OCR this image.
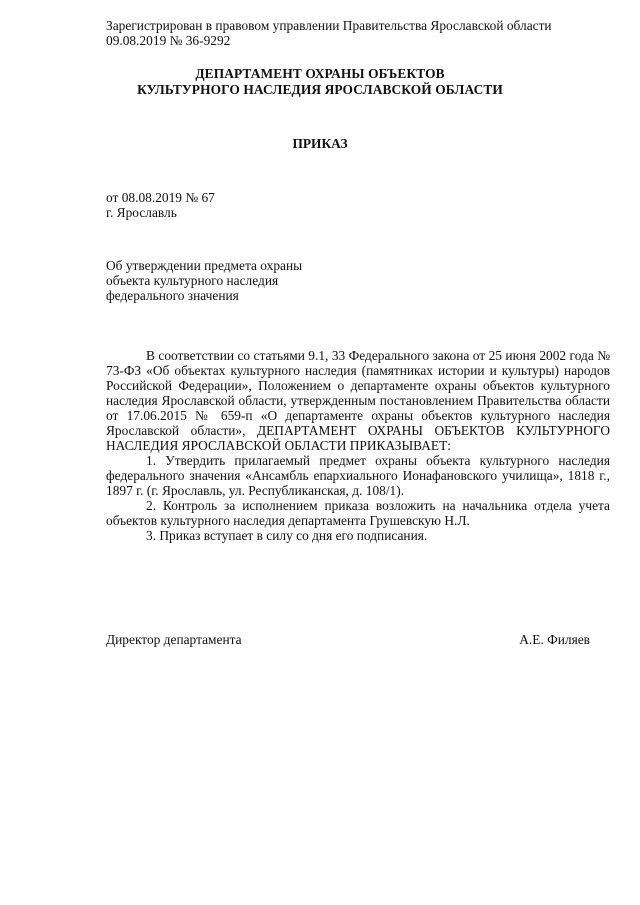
Зарегистрирован в правовом управлении Правительства Ярославской области
09.08.2019 № 36-9292
ДЕПАРТАМЕНТ ОХРАНЫ ОБЪЕКТОВ
КУЛЬТУРНОГО НАСЛЕДИЯ ЯРОСЛАВСКОЙ ОБЛАСТИ
ПРИКАЗ
от 08.08.2019 № 67
г. Ярославль
Об утверждении предмета охраны
объекта культурного наследия
федерального значения

В соответствии со статьями 9.1, 33 Федерального закона от 25 июня 2002 года № 73-ФЗ «Об объектах культурного наследия (памятниках истории и культуры) народов Российской Федерации», Положением о департаменте охраны объектов культурного наследия Ярославской области, утвержденным постановлением Правительства области от 17.06.2015 № 659-п «О департаменте охраны объектов культурного наследия Ярославской области», ДЕПАРТАМЕНТ ОХРАНЫ ОБЪЕКТОВ КУЛЬТУРНОГО НАСЛЕДИЯ ЯРОСЛАВСКОЙ ОБЛАСТИ ПРИКАЗЫВАЕТ:

1. Утвердить прилагаемый предмет охраны объекта культурного наследия федерального значения «Ансамбль епархиального Ионафановского училища», 1818 г., 1897 г. (г. Ярославль, ул. Республиканская, д. 108/1).

2. Контроль за исполнением приказа возложить на начальника отдела учета объектов культурного наследия департамента Грушевскую Н.Л.

3. Приказ вступает в силу со дня его подписания.

Директор департамента	А.Е. Филяев
